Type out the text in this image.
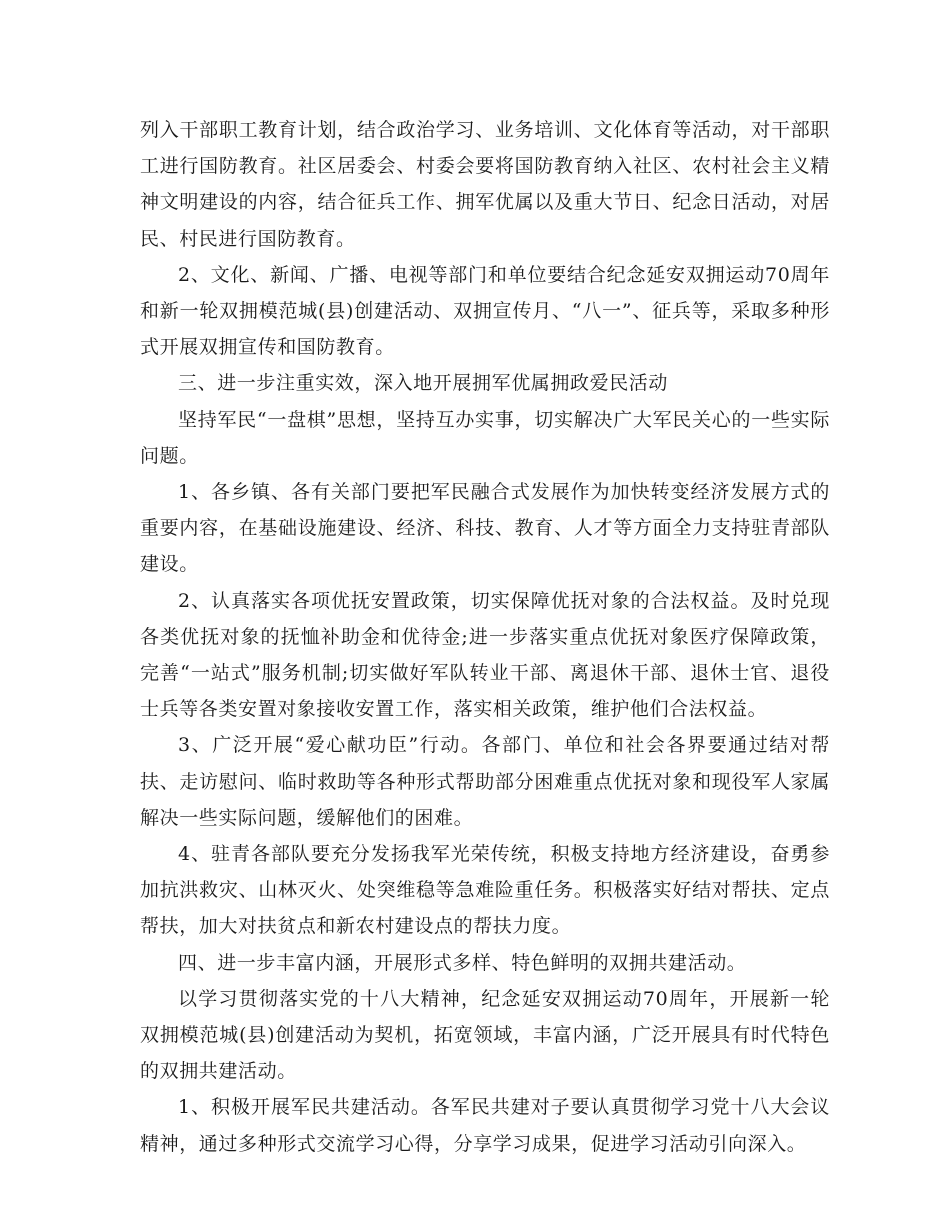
列入干部职工教育计划，结合政治学习、业务培训、文化体育等活动，对干部职工进行国防教育。社区居委会、村委会要将国防教育纳入社区、农村社会主义精神文明建设的内容，结合征兵工作、拥军优属以及重大节日、纪念日活动，对居民、村民进行国防教育。

2、文化、新闻、广播、电视等部门和单位要结合纪念延安双拥运动70周年和新一轮双拥模范城(县)创建活动、双拥宣传月、“八一”、征兵等，采取多种形式开展双拥宣传和国防教育。

三、进一步注重实效，深入地开展拥军优属拥政爱民活动

坚持军民“一盘棋”思想，坚持互办实事，切实解决广大军民关心的一些实际问题。

1、各乡镇、各有关部门要把军民融合式发展作为加快转变经济发展方式的重要内容，在基础设施建设、经济、科技、教育、人才等方面全力支持驻青部队建设。

2、认真落实各项优抚安置政策，切实保障优抚对象的合法权益。及时兑现各类优抚对象的抚恤补助金和优待金;进一步落实重点优抚对象医疗保障政策，完善“一站式”服务机制;切实做好军队转业干部、离退休干部、退休士官、退役士兵等各类安置对象接收安置工作，落实相关政策，维护他们合法权益。

3、广泛开展“爱心献功臣”行动。各部门、单位和社会各界要通过结对帮扶、走访慰问、临时救助等各种形式帮助部分困难重点优抚对象和现役军人家属解决一些实际问题，缓解他们的困难。

4、驻青各部队要充分发扬我军光荣传统，积极支持地方经济建设，奋勇参加抗洪救灾、山林灭火、处突维稳等急难险重任务。积极落实好结对帮扶、定点帮扶，加大对扶贫点和新农村建设点的帮扶力度。

四、进一步丰富内涵，开展形式多样、特色鲜明的双拥共建活动。

以学习贯彻落实党的十八大精神，纪念延安双拥运动70周年，开展新一轮双拥模范城(县)创建活动为契机，拓宽领域，丰富内涵，广泛开展具有时代特色的双拥共建活动。

1、积极开展军民共建活动。各军民共建对子要认真贯彻学习党十八大会议精神，通过多种形式交流学习心得，分享学习成果，促进学习活动引向深入。
